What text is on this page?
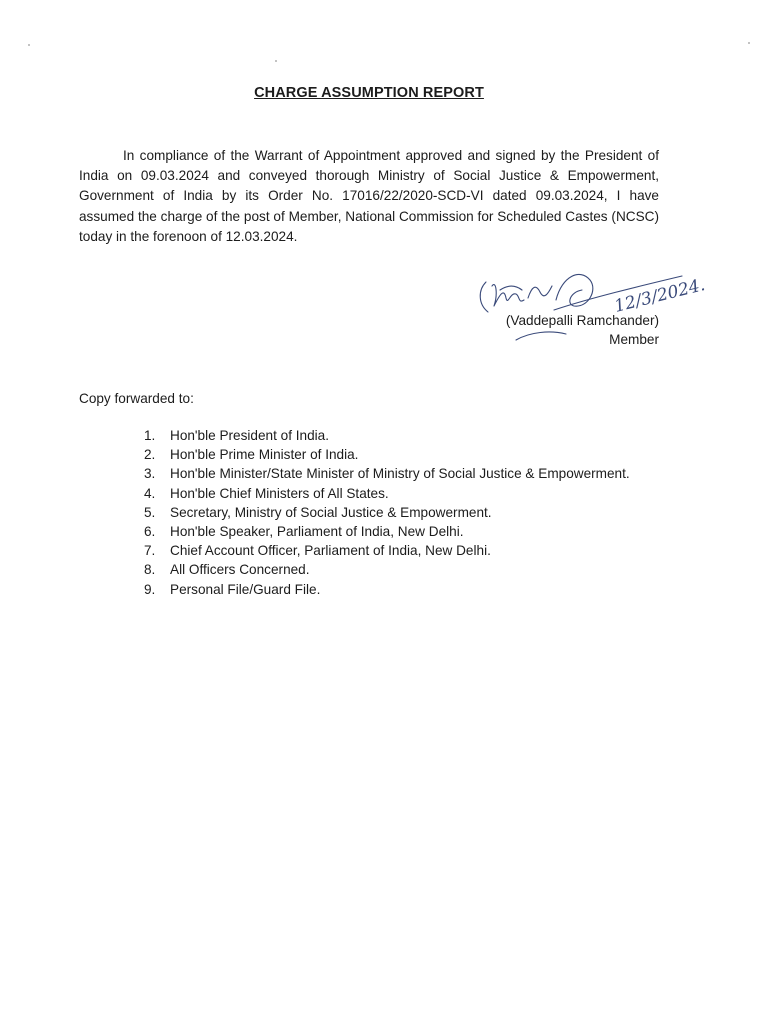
CHARGE ASSUMPTION REPORT
In compliance of the Warrant of Appointment approved and signed by the President of India on 09.03.2024 and conveyed thorough Ministry of Social Justice & Empowerment, Government of India by its Order No. 17016/22/2020-SCD-VI dated 09.03.2024, I have assumed the charge of the post of Member, National Commission for Scheduled Castes (NCSC) today in the forenoon of 12.03.2024.
12/3/2024.
(Vaddepalli Ramchander)
Member
Copy forwarded to:
1.	Hon'ble President of India.
2.	Hon'ble Prime Minister of India.
3.	Hon'ble Minister/State Minister of Ministry of Social Justice & Empowerment.
4.	Hon'ble Chief Ministers of All States.
5.	Secretary, Ministry of Social Justice & Empowerment.
6.	Hon'ble Speaker, Parliament of India, New Delhi.
7.	Chief Account Officer, Parliament of India, New Delhi.
8.	All Officers Concerned.
9.	Personal File/Guard File.
